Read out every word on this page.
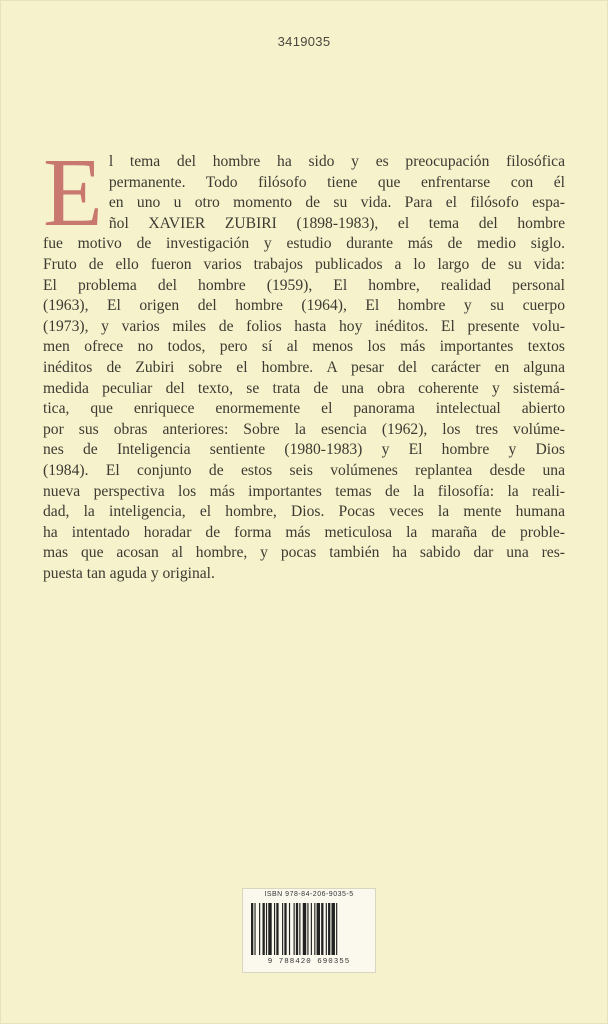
3419035
E l tema del hombre ha sido y es preocupación filosófica
permanente. Todo filósofo tiene que enfrentarse con él
en uno u otro momento de su vida. Para el filósofo espa-
ñol XAVIER ZUBIRI (1898-1983), el tema del hombre
fue motivo de investigación y estudio durante más de medio siglo.
Fruto de ello fueron varios trabajos publicados a lo largo de su vida:
El problema del hombre (1959), El hombre, realidad personal
(1963), El origen del hombre (1964), El hombre y su cuerpo
(1973), y varios miles de folios hasta hoy inéditos. El presente volu-
men ofrece no todos, pero sí al menos los más importantes textos
inéditos de Zubiri sobre el hombre. A pesar del carácter en alguna
medida peculiar del texto, se trata de una obra coherente y sistemá-
tica, que enriquece enormemente el panorama intelectual abierto
por sus obras anteriores: Sobre la esencia (1962), los tres volúme-
nes de Inteligencia sentiente (1980-1983) y El hombre y Dios
(1984). El conjunto de estos seis volúmenes replantea desde una
nueva perspectiva los más importantes temas de la filosofía: la reali-
dad, la inteligencia, el hombre, Dios. Pocas veces la mente humana
ha intentado horadar de forma más meticulosa la maraña de proble-
mas que acosan al hombre, y pocas también ha sabido dar una res-
puesta tan aguda y original.
ISBN 978-84-206-9035-5
9 788420 690355
